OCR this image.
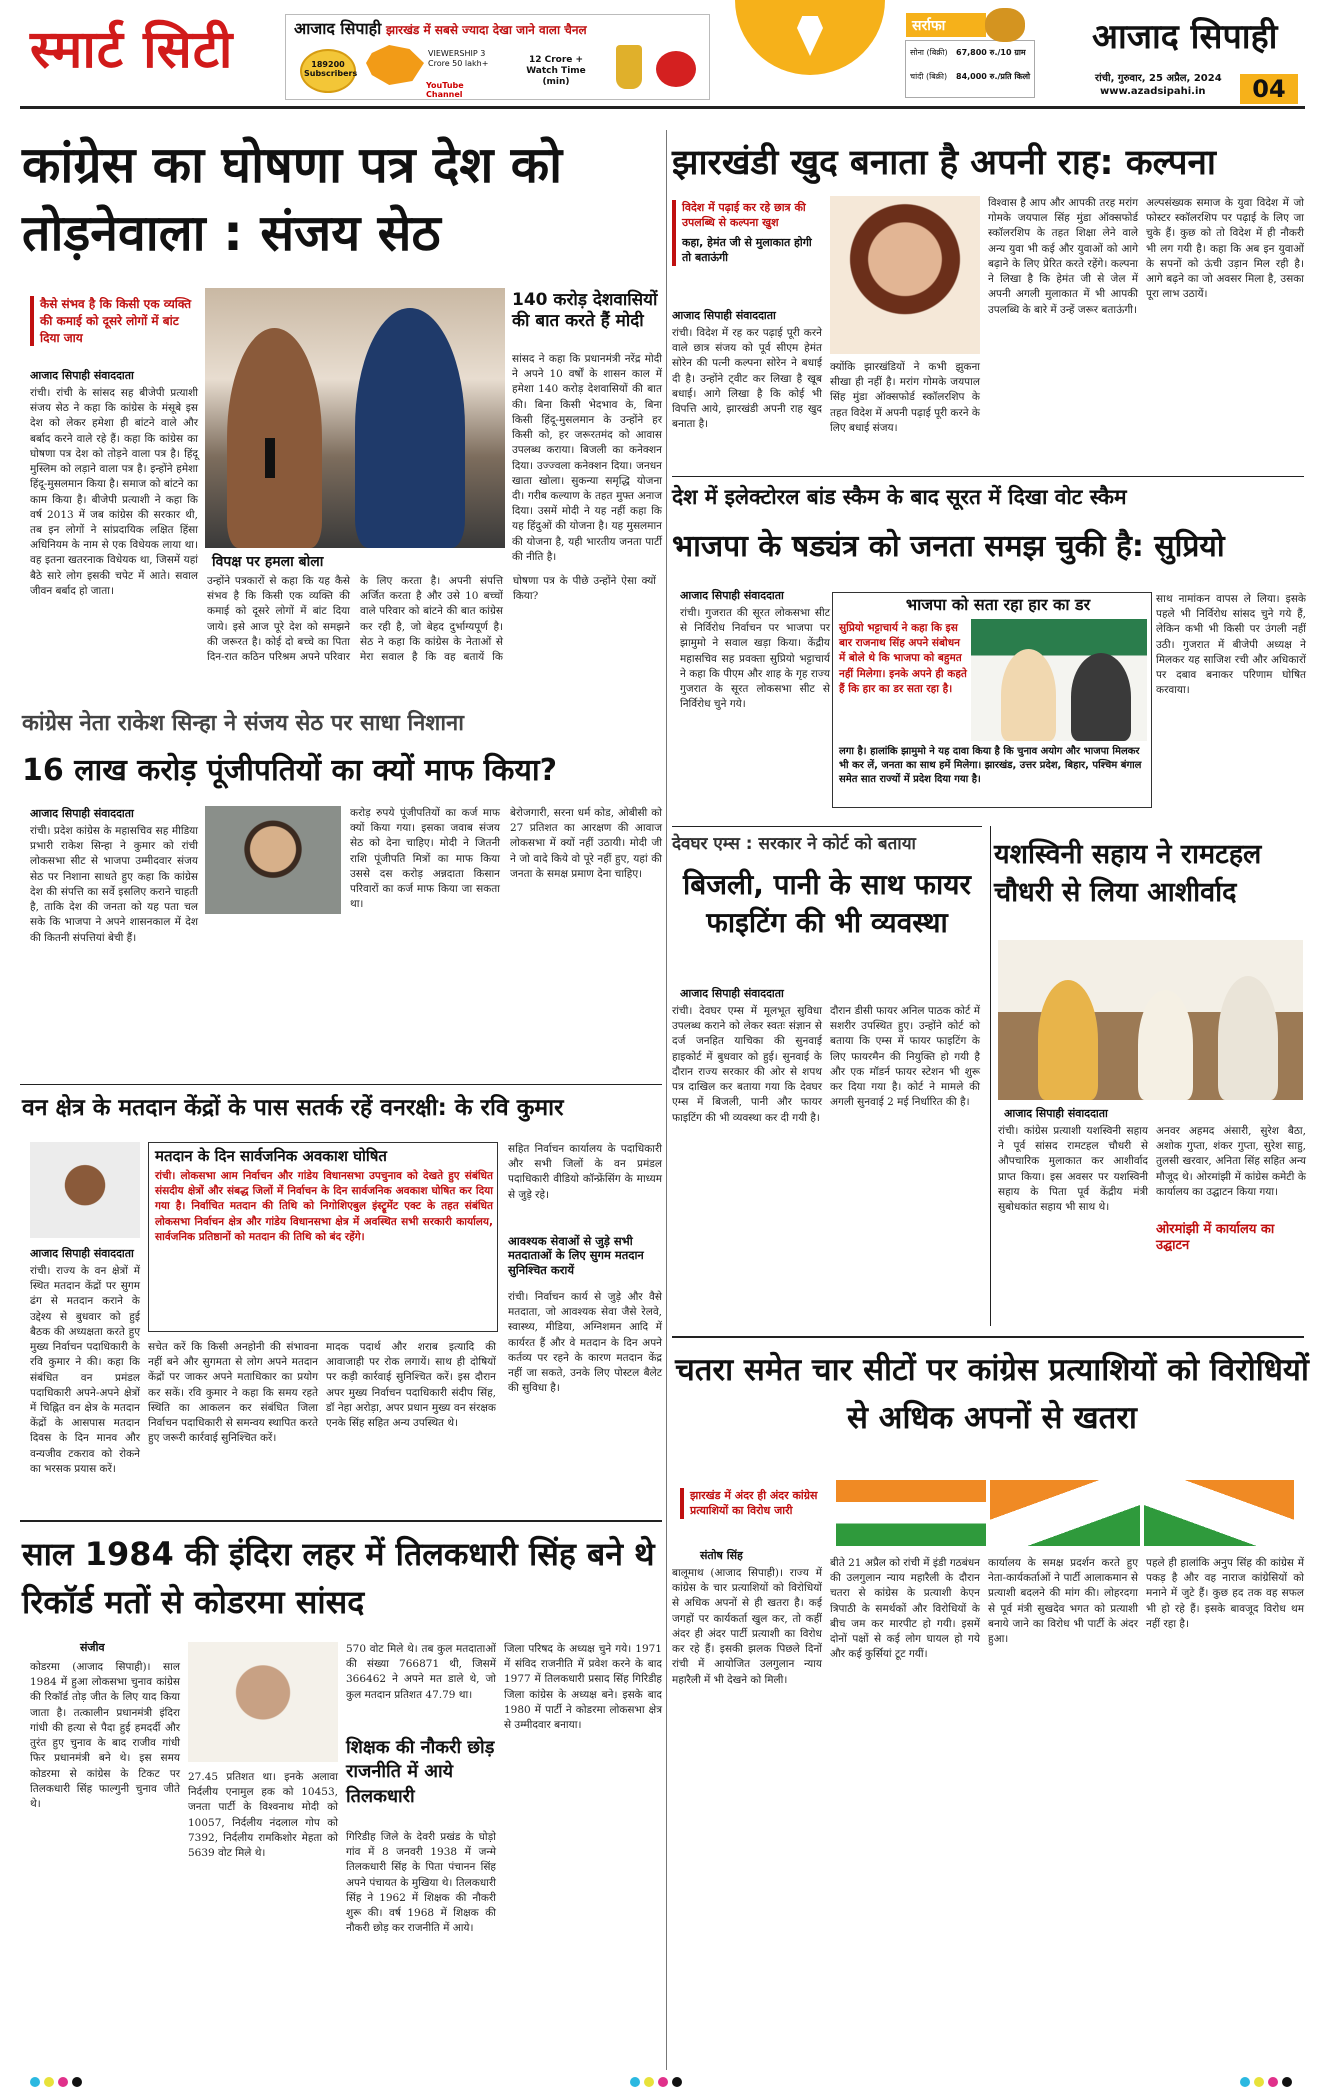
स्मार्ट सिटी	आजाद सिपाही झारखंड में सबसे ज्यादा देखा जाने वाला चैनल
189200 Subscribers
VIEWERSHIP 3 Crore 50 lakh+
YouTube Channel
12 Crore + Watch Time (min)
सर्राफा
सोना (बिक्री)	67,800 रु./10 ग्राम
चांदी (बिक्री)	84,000 रु./प्रति किलो
आजाद सिपाही
रांची, गुरुवार, 25 अप्रैल, 2024
www.azadsipahi.in	04
कांग्रेस का घोषणा पत्र देश को तोड़नेवाला : संजय सेठ
कैसे संभव है कि किसी एक व्यक्ति की कमाई को दूसरे लोगों में बांट दिया जाय
विपक्ष पर हमला बोला
140 करोड़ देशवासियों की बात करते हैं मोदी
आजाद सिपाही संवाददाता
रांची। रांची के सांसद सह बीजेपी प्रत्याशी संजय सेठ ने कहा कि कांग्रेस के मंसूबे इस देश को लेकर हमेशा ही बांटने वाले और बर्बाद करने वाले रहे हैं। कहा कि कांग्रेस का घोषणा पत्र देश को तोड़ने वाला पत्र है। हिंदू मुस्लिम को लड़ाने वाला पत्र है। इन्होंने हमेशा हिंदू-मुसलमान किया है। समाज को बांटने का काम किया है। बीजेपी प्रत्याशी ने कहा कि वर्ष 2013 में जब कांग्रेस की सरकार थी, तब इन लोगों ने सांप्रदायिक लक्षित हिंसा अधिनियम के नाम से एक विधेयक लाया था। वह इतना खतरनाक विधेयक था, जिसमें यहां बैठे सारे लोग इसकी चपेट में आते। सवाल जीवन बर्बाद हो जाता।
उन्होंने पत्रकारों से कहा कि यह कैसे संभव है कि किसी एक व्यक्ति की कमाई को दूसरे लोगों में बांट दिया जाये। इसे आज पूरे देश को समझने की जरूरत है। कोई दो बच्चे का पिता दिन-रात कठिन परिश्रम अपने परिवार के लिए करता है। अपनी संपत्ति अर्जित करता है और उसे 10 बच्चों वाले परिवार को बांटने की बात कांग्रेस कर रही है, जो बेहद दुर्भाग्यपूर्ण है। सेठ ने कहा कि कांग्रेस के नेताओं से मेरा सवाल है कि वह बतायें कि घोषणा पत्र के पीछे उन्होंने ऐसा क्यों किया?
सांसद ने कहा कि प्रधानमंत्री नरेंद्र मोदी ने अपने 10 वर्षों के शासन काल में हमेशा 140 करोड़ देशवासियों की बात की। बिना किसी भेदभाव के, बिना किसी हिंदू-मुसलमान के उन्होंने हर किसी को, हर जरूरतमंद को आवास उपलब्ध कराया। बिजली का कनेक्शन दिया। उज्ज्वला कनेक्शन दिया। जनधन खाता खोला। सुकन्या समृद्धि योजना दी। गरीब कल्याण के तहत मुफ्त अनाज दिया। उसमें मोदी ने यह नहीं कहा कि यह हिंदुओं की योजना है। यह मुसलमान की योजना है, यही भारतीय जनता पार्टी की नीति है।
झारखंडी खुद बनाता है अपनी राह: कल्पना
विदेश में पढ़ाई कर रहे छात्र की उपलब्धि से कल्पना खुश
कहा, हेमंत जी से मुलाकात होगी तो बताऊंगी
आजाद सिपाही संवाददाता
रांची। विदेश में रह कर पढ़ाई पूरी करने वाले छात्र संजय को पूर्व सीएम हेमंत सोरेन की पत्नी कल्पना सोरेन ने बधाई दी है। उन्होंने ट्वीट कर लिखा है खूब बधाई। आगे लिखा है कि कोई भी विपत्ति आये, झारखंडी अपनी राह खुद बनाता है।
क्योंकि झारखंडियों ने कभी झुकना सीखा ही नहीं है। मरांग गोमके जयपाल सिंह मुंडा ऑक्सफोर्ड स्कॉलरशिप के तहत विदेश में अपनी पढ़ाई पूरी करने के लिए बधाई संजय।
विश्वास है आप और आपकी तरह मरांग गोमके जयपाल सिंह मुंडा ऑक्सफोर्ड स्कॉलरशिप के तहत शिक्षा लेने वाले अन्य युवा भी कई और युवाओं को आगे बढ़ाने के लिए प्रेरित करते रहेंगे। कल्पना ने लिखा है कि हेमंत जी से जेल में अपनी अगली मुलाकात में भी आपकी उपलब्धि के बारे में उन्हें जरूर बताऊंगी।
अल्पसंख्यक समाज के युवा विदेश में जो फोस्टर स्कॉलरशिप पर पढ़ाई के लिए जा चुके हैं। कुछ को तो विदेश में ही नौकरी भी लग गयी है। कहा कि अब इन युवाओं के सपनों को ऊंची उड़ान मिल रही है। आगे बढ़ने का जो अवसर मिला है, उसका पूरा लाभ उठायें।
देश में इलेक्टोरल बांड स्कैम के बाद सूरत में दिखा वोट स्कैम
भाजपा के षड्यंत्र को जनता समझ चुकी है: सुप्रियो
आजाद सिपाही संवाददाता
रांची। गुजरात की सूरत लोकसभा सीट से निर्विरोध निर्वाचन पर भाजपा पर झामुमो ने सवाल खड़ा किया। केंद्रीय महासचिव सह प्रवक्ता सुप्रियो भट्टाचार्य ने कहा कि पीएम और शाह के गृह राज्य गुजरात के सूरत लोकसभा सीट से निर्विरोध चुने गये।
भाजपा को सता रहा हार का डर
सुप्रियो भट्टाचार्य ने कहा कि इस बार राजनाथ सिंह अपने संबोधन में बोले थे कि भाजपा को बहुमत नहीं मिलेगा। इनके अपने ही कहते हैं कि हार का डर सता रहा है।
लगा है। हालांकि झामुमो ने यह दावा किया है कि चुनाव अयोग और भाजपा मिलकर भी कर लें, जनता का साथ हमें मिलेगा। झारखंड, उत्तर प्रदेश, बिहार, पश्चिम बंगाल समेत सात राज्यों में प्रदेश दिया गया है।
साथ नामांकन वापस ले लिया। इसके पहले भी निर्विरोध सांसद चुने गये हैं, लेकिन कभी भी किसी पर उंगली नहीं उठी। गुजरात में बीजेपी अध्यक्ष ने मिलकर यह साजिश रची और अधिकारों पर दबाव बनाकर परिणाम घोषित करवाया।
कांग्रेस नेता राकेश सिन्हा ने संजय सेठ पर साधा निशाना
16 लाख करोड़ पूंजीपतियों का क्यों माफ किया?
आजाद सिपाही संवाददाता
रांची। प्रदेश कांग्रेस के महासचिव सह मीडिया प्रभारी राकेश सिन्हा ने कुमार को रांची लोकसभा सीट से भाजपा उम्मीदवार संजय सेठ पर निशाना साधते हुए कहा कि कांग्रेस देश की संपत्ति का सर्वे इसलिए कराने चाहती है, ताकि देश की जनता को यह पता चल सके कि भाजपा ने अपने शासनकाल में देश की कितनी संपत्तियां बेची हैं।
करोड़ रुपये पूंजीपतियों का कर्ज माफ क्यों किया गया। इसका जवाब संजय सेठ को देना चाहिए। मोदी ने जितनी राशि पूंजीपति मित्रों का माफ किया उससे दस करोड़ अन्नदाता किसान परिवारों का कर्ज माफ किया जा सकता था।
बेरोजगारी, सरना धर्म कोड, ओबीसी को 27 प्रतिशत का आरक्षण की आवाज लोकसभा में क्यों नहीं उठायी। मोदी जी ने जो वादे किये वो पूरे नहीं हुए, यहां की जनता के समक्ष प्रमाण देना चाहिए।
देवघर एम्स : सरकार ने कोर्ट को बताया
बिजली, पानी के साथ फायर फाइटिंग की भी व्यवस्था
आजाद सिपाही संवाददाता
रांची। देवघर एम्स में मूलभूत सुविधा उपलब्ध कराने को लेकर स्वतः संज्ञान से दर्ज जनहित याचिका की सुनवाई हाइकोर्ट में बुधवार को हुई। सुनवाई के दौरान राज्य सरकार की ओर से शपथ पत्र दाखिल कर बताया गया कि देवघर एम्स में बिजली, पानी और फायर फाइटिंग की भी व्यवस्था कर दी गयी है।
दौरान डीसी फायर अनिल पाठक कोर्ट में सशरीर उपस्थित हुए। उन्होंने कोर्ट को बताया कि एम्स में फायर फाइटिंग के लिए फायरमैन की नियुक्ति हो गयी है और एक मॉडर्न फायर स्टेशन भी शुरू कर दिया गया है। कोर्ट ने मामले की अगली सुनवाई 2 मई निर्धारित की है।
यशस्विनी सहाय ने रामटहल चौधरी से लिया आशीर्वाद
आजाद सिपाही संवाददाता
रांची। कांग्रेस प्रत्याशी यशस्विनी सहाय ने पूर्व सांसद रामटहल चौधरी से औपचारिक मुलाकात कर आशीर्वाद प्राप्त किया। इस अवसर पर यशस्विनी सहाय के पिता पूर्व केंद्रीय मंत्री सुबोधकांत सहाय भी साथ थे।
अनवर अहमद अंसारी, सुरेश बैठा, अशोक गुप्ता, शंकर गुप्ता, सुरेश साहु, तुलसी खरवार, अनिता सिंह सहित अन्य मौजूद थे। ओरमांझी में कांग्रेस कमेटी के कार्यालय का उद्घाटन किया गया।
ओरमांझी में कार्यालय का उद्घाटन
वन क्षेत्र के मतदान केंद्रों के पास सतर्क रहें वनरक्षी: के रवि कुमार
मतदान के दिन सार्वजनिक अवकाश घोषित
रांची। लोकसभा आम निर्वाचन और गांडेय विधानसभा उपचुनाव को देखते हुए संबंधित संसदीय क्षेत्रों और संबद्ध जिलों में निर्वाचन के दिन सार्वजनिक अवकाश घोषित कर दिया गया है। निर्वाचित मतदान की तिथि को निगोशिएबुल इंस्ट्रूमेंट एक्ट के तहत संबंधित लोकसभा निर्वाचन क्षेत्र और गांडेय विधानसभा क्षेत्र में अवस्थित सभी सरकारी कार्यालय, सार्वजनिक प्रतिष्ठानों को मतदान की तिथि को बंद रहेंगे।
आजाद सिपाही संवाददाता
रांची। राज्य के वन क्षेत्रों में स्थित मतदान केंद्रों पर सुगम ढंग से मतदान कराने के उद्देश्य से बुधवार को हुई बैठक की अध्यक्षता करते हुए मुख्य निर्वाचन पदाधिकारी के रवि कुमार ने की। कहा कि संबंधित वन प्रमंडल पदाधिकारी अपने-अपने क्षेत्रों में चिह्नित वन क्षेत्र के मतदान केंद्रों के आसपास मतदान दिवस के दिन मानव और वन्यजीव टकराव को रोकने का भरसक प्रयास करें।
सचेत करें कि किसी अनहोनी की संभावना नहीं बने और सुगमता से लोग अपने मतदान केंद्रों पर जाकर अपने मताधिकार का प्रयोग कर सकें। रवि कुमार ने कहा कि समय रहते स्थिति का आकलन कर संबंधित जिला निर्वाचन पदाधिकारी से समन्वय स्थापित करते हुए जरूरी कार्रवाई सुनिश्चित करें।
मादक पदार्थ और शराब इत्यादि की आवाजाही पर रोक लगायें। साथ ही दोषियों पर कड़ी कार्रवाई सुनिश्चित करें। इस दौरान अपर मुख्य निर्वाचन पदाधिकारी संदीप सिंह, डॉ नेहा अरोड़ा, अपर प्रधान मुख्य वन संरक्षक एनके सिंह सहित अन्य उपस्थित थे।
सहित निर्वाचन कार्यालय के पदाधिकारी और सभी जिलों के वन प्रमंडल पदाधिकारी वीडियो कॉन्फ्रेंसिंग के माध्यम से जुड़े रहे।
आवश्यक सेवाओं से जुड़े सभी मतदाताओं के लिए सुगम मतदान सुनिश्चित करायें
रांची। निर्वाचन कार्य से जुड़े और वैसे मतदाता, जो आवश्यक सेवा जैसे रेलवे, स्वास्थ्य, मीडिया, अग्निशमन आदि में कार्यरत हैं और वे मतदान के दिन अपने कर्तव्य पर रहने के कारण मतदान केंद्र नहीं जा सकते, उनके लिए पोस्टल बैलेट की सुविधा है।
चतरा समेत चार सीटों पर कांग्रेस प्रत्याशियों को विरोधियों से अधिक अपनों से खतरा
झारखंड में अंदर ही अंदर कांग्रेस प्रत्याशियों का विरोध जारी
संतोष सिंह
बालूमाथ (आजाद सिपाही)। राज्य में कांग्रेस के चार प्रत्याशियों को विरोधियों से अधिक अपनों से ही खतरा है। कई जगहों पर कार्यकर्ता खुल कर, तो कहीं अंदर ही अंदर पार्टी प्रत्याशी का विरोध कर रहे हैं। इसकी झलक पिछले दिनों रांची में आयोजित उलगुलान न्याय महारैली में भी देखने को मिली।
बीते 21 अप्रैल को रांची में इंडी गठबंधन की उलगुलान न्याय महारैली के दौरान चतरा से कांग्रेस के प्रत्याशी केएन त्रिपाठी के समर्थकों और विरोधियों के बीच जम कर मारपीट हो गयी। इसमें दोनों पक्षों से कई लोग घायल हो गये और कई कुर्सियां टूट गयीं।
कार्यालय के समक्ष प्रदर्शन करते हुए नेता-कार्यकर्ताओं ने पार्टी आलाकमान से प्रत्याशी बदलने की मांग की। लोहरदगा से पूर्व मंत्री सुखदेव भगत को प्रत्याशी बनाये जाने का विरोध भी पार्टी के अंदर हुआ।
पहले ही हालांकि अनुप सिंह की कांग्रेस में पकड़ है और वह नाराज कांग्रेसियों को मनाने में जुटे हैं। कुछ हद तक वह सफल भी हो रहे हैं। इसके बावजूद विरोध थम नहीं रहा है।
साल 1984 की इंदिरा लहर में तिलकधारी सिंह बने थे रिकॉर्ड मतों से कोडरमा सांसद
संजीव
कोडरमा (आजाद सिपाही)। साल 1984 में हुआ लोकसभा चुनाव कांग्रेस की रिकॉर्ड तोड़ जीत के लिए याद किया जाता है। तत्कालीन प्रधानमंत्री इंदिरा गांधी की हत्या से पैदा हुई हमदर्दी और तुरंत हुए चुनाव के बाद राजीव गांधी फिर प्रधानमंत्री बने थे। इस समय कोडरमा से कांग्रेस के टिकट पर तिलकधारी सिंह फाल्गुनी चुनाव जीते थे।
27.45 प्रतिशत था। इनके अलावा निर्दलीय एनामुल हक को 10453, जनता पार्टी के विश्वनाथ मोदी को 10057, निर्दलीय नंदलाल गोप को 7392, निर्दलीय रामकिशोर मेहता को 5639 वोट मिले थे।
570 वोट मिले थे। तब कुल मतदाताओं की संख्या 766871 थी, जिसमें 366462 ने अपने मत डाले थे, जो कुल मतदान प्रतिशत 47.79 था।
शिक्षक की नौकरी छोड़ राजनीति में आये तिलकधारी
गिरिडीह जिले के देवरी प्रखंड के घोड़ो गांव में 8 जनवरी 1938 में जन्मे तिलकधारी सिंह के पिता पंचानन सिंह अपने पंचायत के मुखिया थे। तिलकधारी सिंह ने 1962 में शिक्षक की नौकरी शुरू की। वर्ष 1968 में शिक्षक की नौकरी छोड़ कर राजनीति में आये।
जिला परिषद के अध्यक्ष चुने गये। 1971 में संविद राजनीति में प्रवेश करने के बाद 1977 में तिलकधारी प्रसाद सिंह गिरिडीह जिला कांग्रेस के अध्यक्ष बने। इसके बाद 1980 में पार्टी ने कोडरमा लोकसभा क्षेत्र से उम्मीदवार बनाया।
